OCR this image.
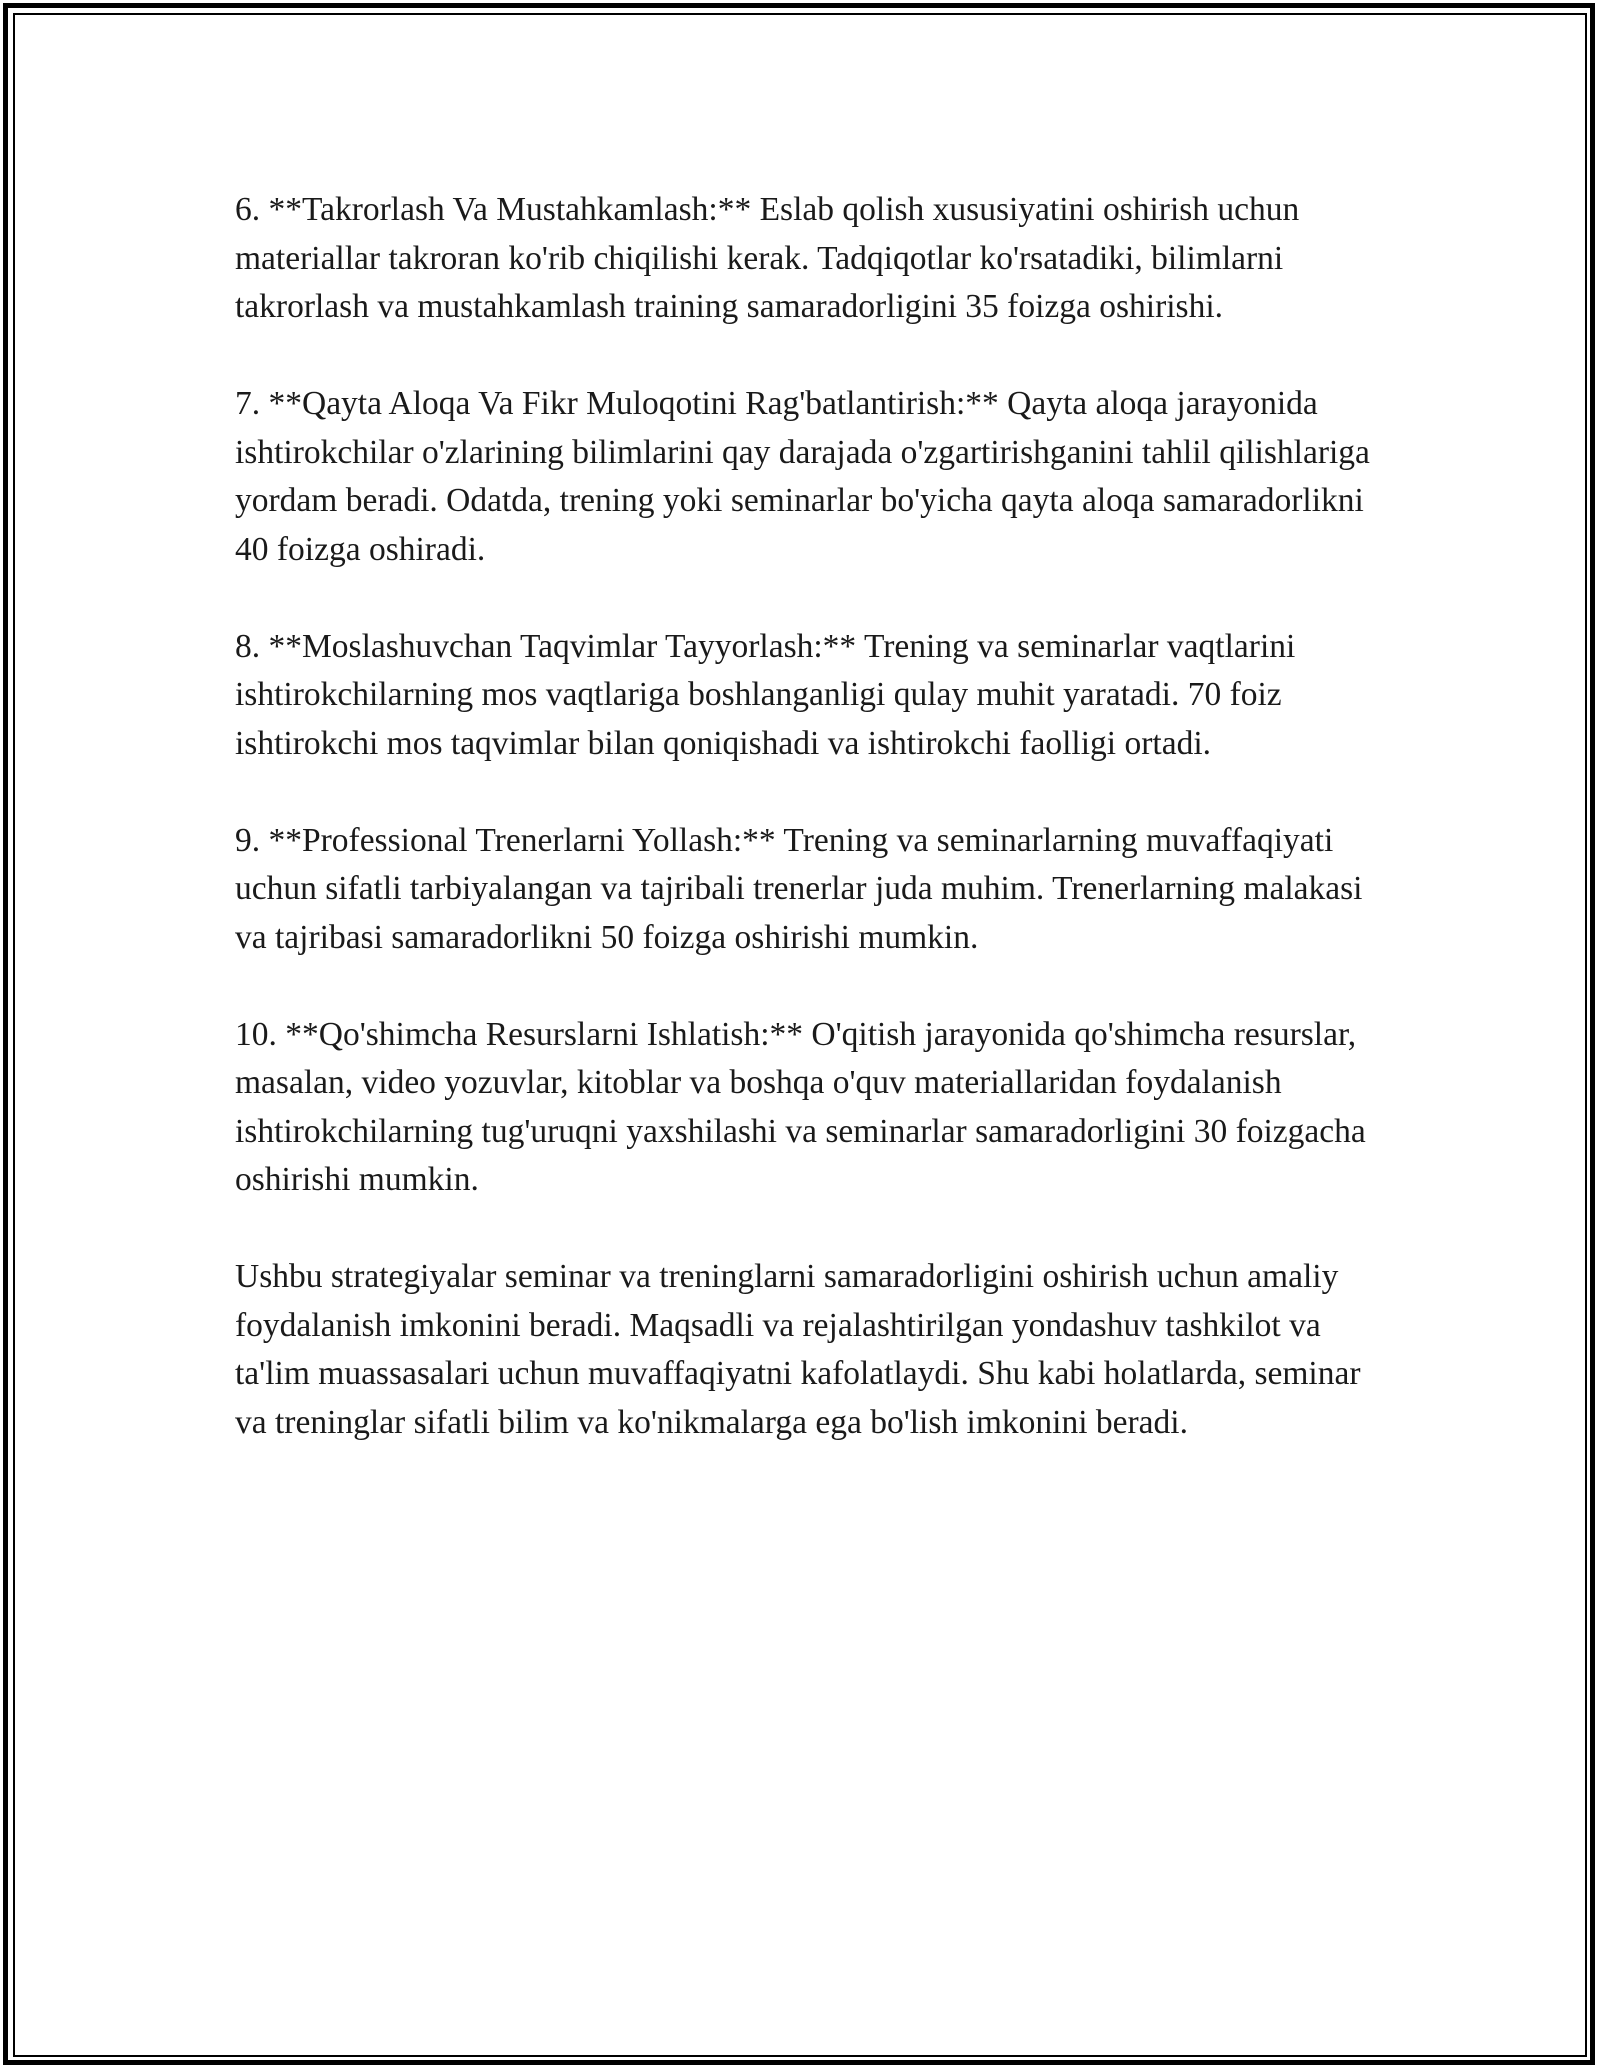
6. **Takrorlash Va Mustahkamlash:** Eslab qolish xususiyatini oshirish uchun materiallar takroran ko'rib chiqilishi kerak. Tadqiqotlar ko'rsatadiki, bilimlarni takrorlash va mustahkamlash training samaradorligini 35 foizga oshirishi.

7. **Qayta Aloqa Va Fikr Muloqotini Rag'batlantirish:** Qayta aloqa jarayonida ishtirokchilar o'zlarining bilimlarini qay darajada o'zgartirishganini tahlil qilishlariga yordam beradi. Odatda, trening yoki seminarlar bo'yicha qayta aloqa samaradorlikni 40 foizga oshiradi.

8. **Moslashuvchan Taqvimlar Tayyorlash:** Trening va seminarlar vaqtlarini ishtirokchilarning mos vaqtlariga boshlanganligi qulay muhit yaratadi. 70 foiz ishtirokchi mos taqvimlar bilan qoniqishadi va ishtirokchi faolligi ortadi.

9. **Professional Trenerlarni Yollash:** Trening va seminarlarning muvaffaqiyati uchun sifatli tarbiyalangan va tajribali trenerlar juda muhim. Trenerlarning malakasi va tajribasi samaradorlikni 50 foizga oshirishi mumkin.

10. **Qo'shimcha Resurslarni Ishlatish:** O'qitish jarayonida qo'shimcha resurslar, masalan, video yozuvlar, kitoblar va boshqa o'quv materiallaridan foydalanish ishtirokchilarning tug'uruqni yaxshilashi va seminarlar samaradorligini 30 foizgacha oshirishi mumkin.

Ushbu strategiyalar seminar va treninglarni samaradorligini oshirish uchun amaliy foydalanish imkonini beradi. Maqsadli va rejalashtirilgan yondashuv tashkilot va ta'lim muassasalari uchun muvaffaqiyatni kafolatlaydi. Shu kabi holatlarda, seminar va treninglar sifatli bilim va ko'nikmalarga ega bo'lish imkonini beradi.
